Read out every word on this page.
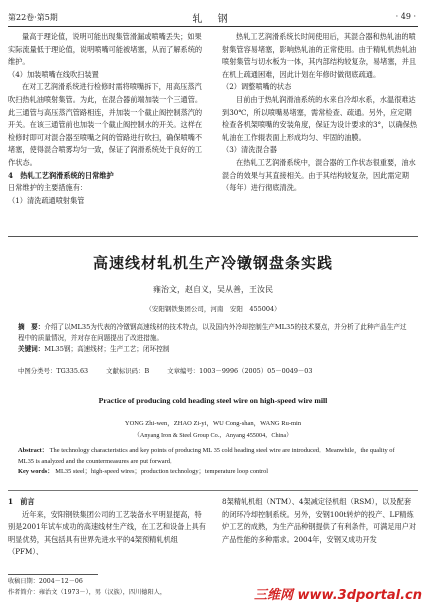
第22卷·第5期	轧 钢	· 49 ·

量高于理论值，说明可能出现集管滑漏或喷嘴丢失；如果实际流量低于理论值，说明喷嘴可能被堵塞，从而了解系统的维护。

（4）加装喷嘴在线吹扫装置

在对工艺润滑系统进行检修时需将喷嘴拆下，用高压蒸汽吹扫热轧油喷射集管。为此，在混合器前端加装一个三通管。此三通管与高压蒸汽管路相连，并加装一个截止阀控制蒸汽的开关。在该三通管前也加装一个截止阀控制水的开关。这样在检修时即可对混合器至喷嘴之间的管路进行吹扫，确保喷嘴不堵塞，使得混合喷雾均匀一致，保证了润滑系统处于良好的工作状态。

4　热轧工艺润滑系统的日常维护

日常维护的主要措施有：

（1）清洗疏通喷射集管

热轧工艺润滑系统长时间使用后，其混合器和热轧油的喷射集管容易堵塞，影响热轧油的正常使用。由于精轧机热轧油喷射集管与切水板为一体，其内部结构较复杂，易堵塞，并且在机上疏通困难，因此计划在年修时做彻底疏通。

（2）调整喷嘴的状态

目前由于热轧润滑油系统的水来自冷却水系，水温很难达到30℃，所以喷嘴易堵塞，需常检查、疏通。另外，应定期检查各机架喷嘴的安装角度，保证为设计要求的3°，以确保热轧油在工作辊表面上形成均匀、牢固的油膜。

（3）清洗混合器

在热轧工艺润滑系统中，混合器的工作状态很重要，油水混合的效果与其直接相关。由于其结构较复杂，因此需定期（每年）进行彻底清洗。

高速线材轧机生产冷镦钢盘条实践
雍治文，赵自义，吴从善，王汝民
（安阳钢铁集团公司，河南　安阳　455004）

摘　要：介绍了以ML35为代表的冷镦钢高速线材的技术特点，以及国内外冷却控制生产ML35的技术要点，并分析了此种产品生产过程中的质量情况，并对存在问题提出了改进措施。

关键词：ML35钢；高速线材；生产工艺；闭环控制

中图分类号：TG335.63	文献标识码：B	文章编号：1003－9996（2005）05－0049－03
Practice of producing cold heading steel wire on high-speed wire mill
YONG Zhi-wen，ZHAO Zi-yi，WU Cong-shan，WANG Ru-min
（Anyang Iron & Steel Group Co.，Anyang 455004，China）

Abstract： The technology characteristics and key points of producing ML 35 cold heading steel wire are introduced．Meanwhile，the quality of ML35 is analyzed and the countermeasures are put forward．

Key words： ML35 steel；high-speed wires；production technology；temperature loop control

1　前言

近年来，安阳钢铁集团公司的工艺装备水平明显提高，特别是2001年试车成功的高速线材生产线，在工艺和设备上具有明显优势，其包括具有世界先进水平的4架预精轧机组（PFM）、

8架精轧机组（NTM）、4架减定径机组（RSM），以及配套的闭环冷却控制系统。另外，安钢100t转炉的投产、LF精炼炉工艺的成熟，为生产品种钢提供了有利条件，可满足用户对产品性能的多种需求。2004年，安钢又成功开发

收稿日期：2004－12－06
作者简介：雍治文（1973－），男（汉族），四川德阳人，	三维网 www.3dportal.cn
